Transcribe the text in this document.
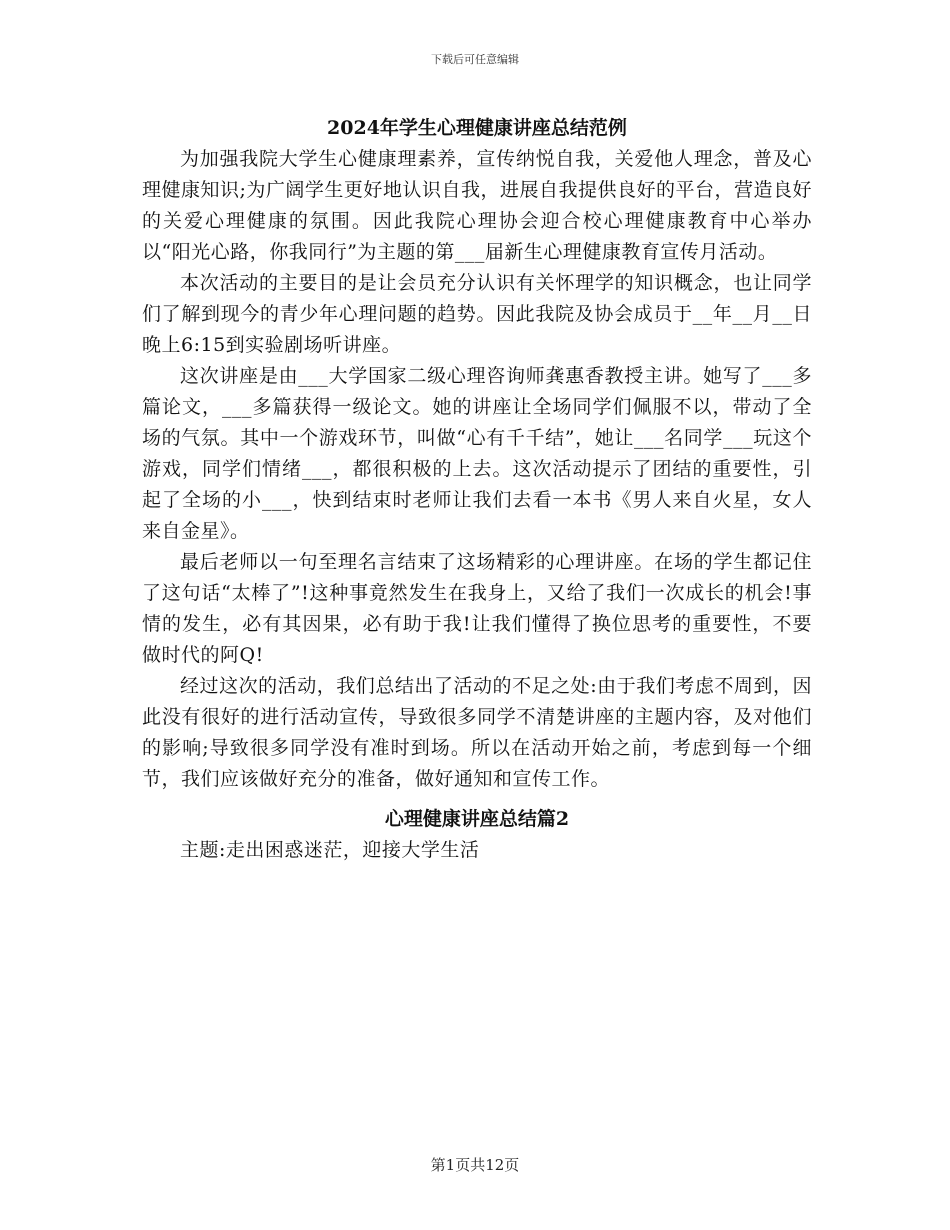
下载后可任意编辑
2024年学生心理健康讲座总结范例

为加强我院大学生心健康理素养，宣传纳悦自我，关爱他人理念，普及心理健康知识;为广阔学生更好地认识自我，进展自我提供良好的平台，营造良好的关爱心理健康的氛围。因此我院心理协会迎合校心理健康教育中心举办以“阳光心路，你我同行”为主题的第___届新生心理健康教育宣传月活动。

本次活动的主要目的是让会员充分认识有关怀理学的知识概念，也让同学们了解到现今的青少年心理问题的趋势。因此我院及协会成员于__年__月__日晚上6:15到实验剧场听讲座。

这次讲座是由___大学国家二级心理咨询师龚惠香教授主讲。她写了___多篇论文，___多篇获得一级论文。她的讲座让全场同学们佩服不以，带动了全场的气氛。其中一个游戏环节，叫做“心有千千结”，她让___名同学___玩这个游戏，同学们情绪___，都很积极的上去。这次活动提示了团结的重要性，引起了全场的小___，快到结束时老师让我们去看一本书《男人来自火星，女人来自金星》。

最后老师以一句至理名言结束了这场精彩的心理讲座。在场的学生都记住了这句话“太棒了”!这种事竟然发生在我身上，又给了我们一次成长的机会!事情的发生，必有其因果，必有助于我!让我们懂得了换位思考的重要性，不要做时代的阿Q!

经过这次的活动，我们总结出了活动的不足之处:由于我们考虑不周到，因此没有很好的进行活动宣传，导致很多同学不清楚讲座的主题内容，及对他们的影响;导致很多同学没有准时到场。所以在活动开始之前，考虑到每一个细节，我们应该做好充分的准备，做好通知和宣传工作。

心理健康讲座总结篇2

主题:走出困惑迷茫，迎接大学生活

第1页共12页
